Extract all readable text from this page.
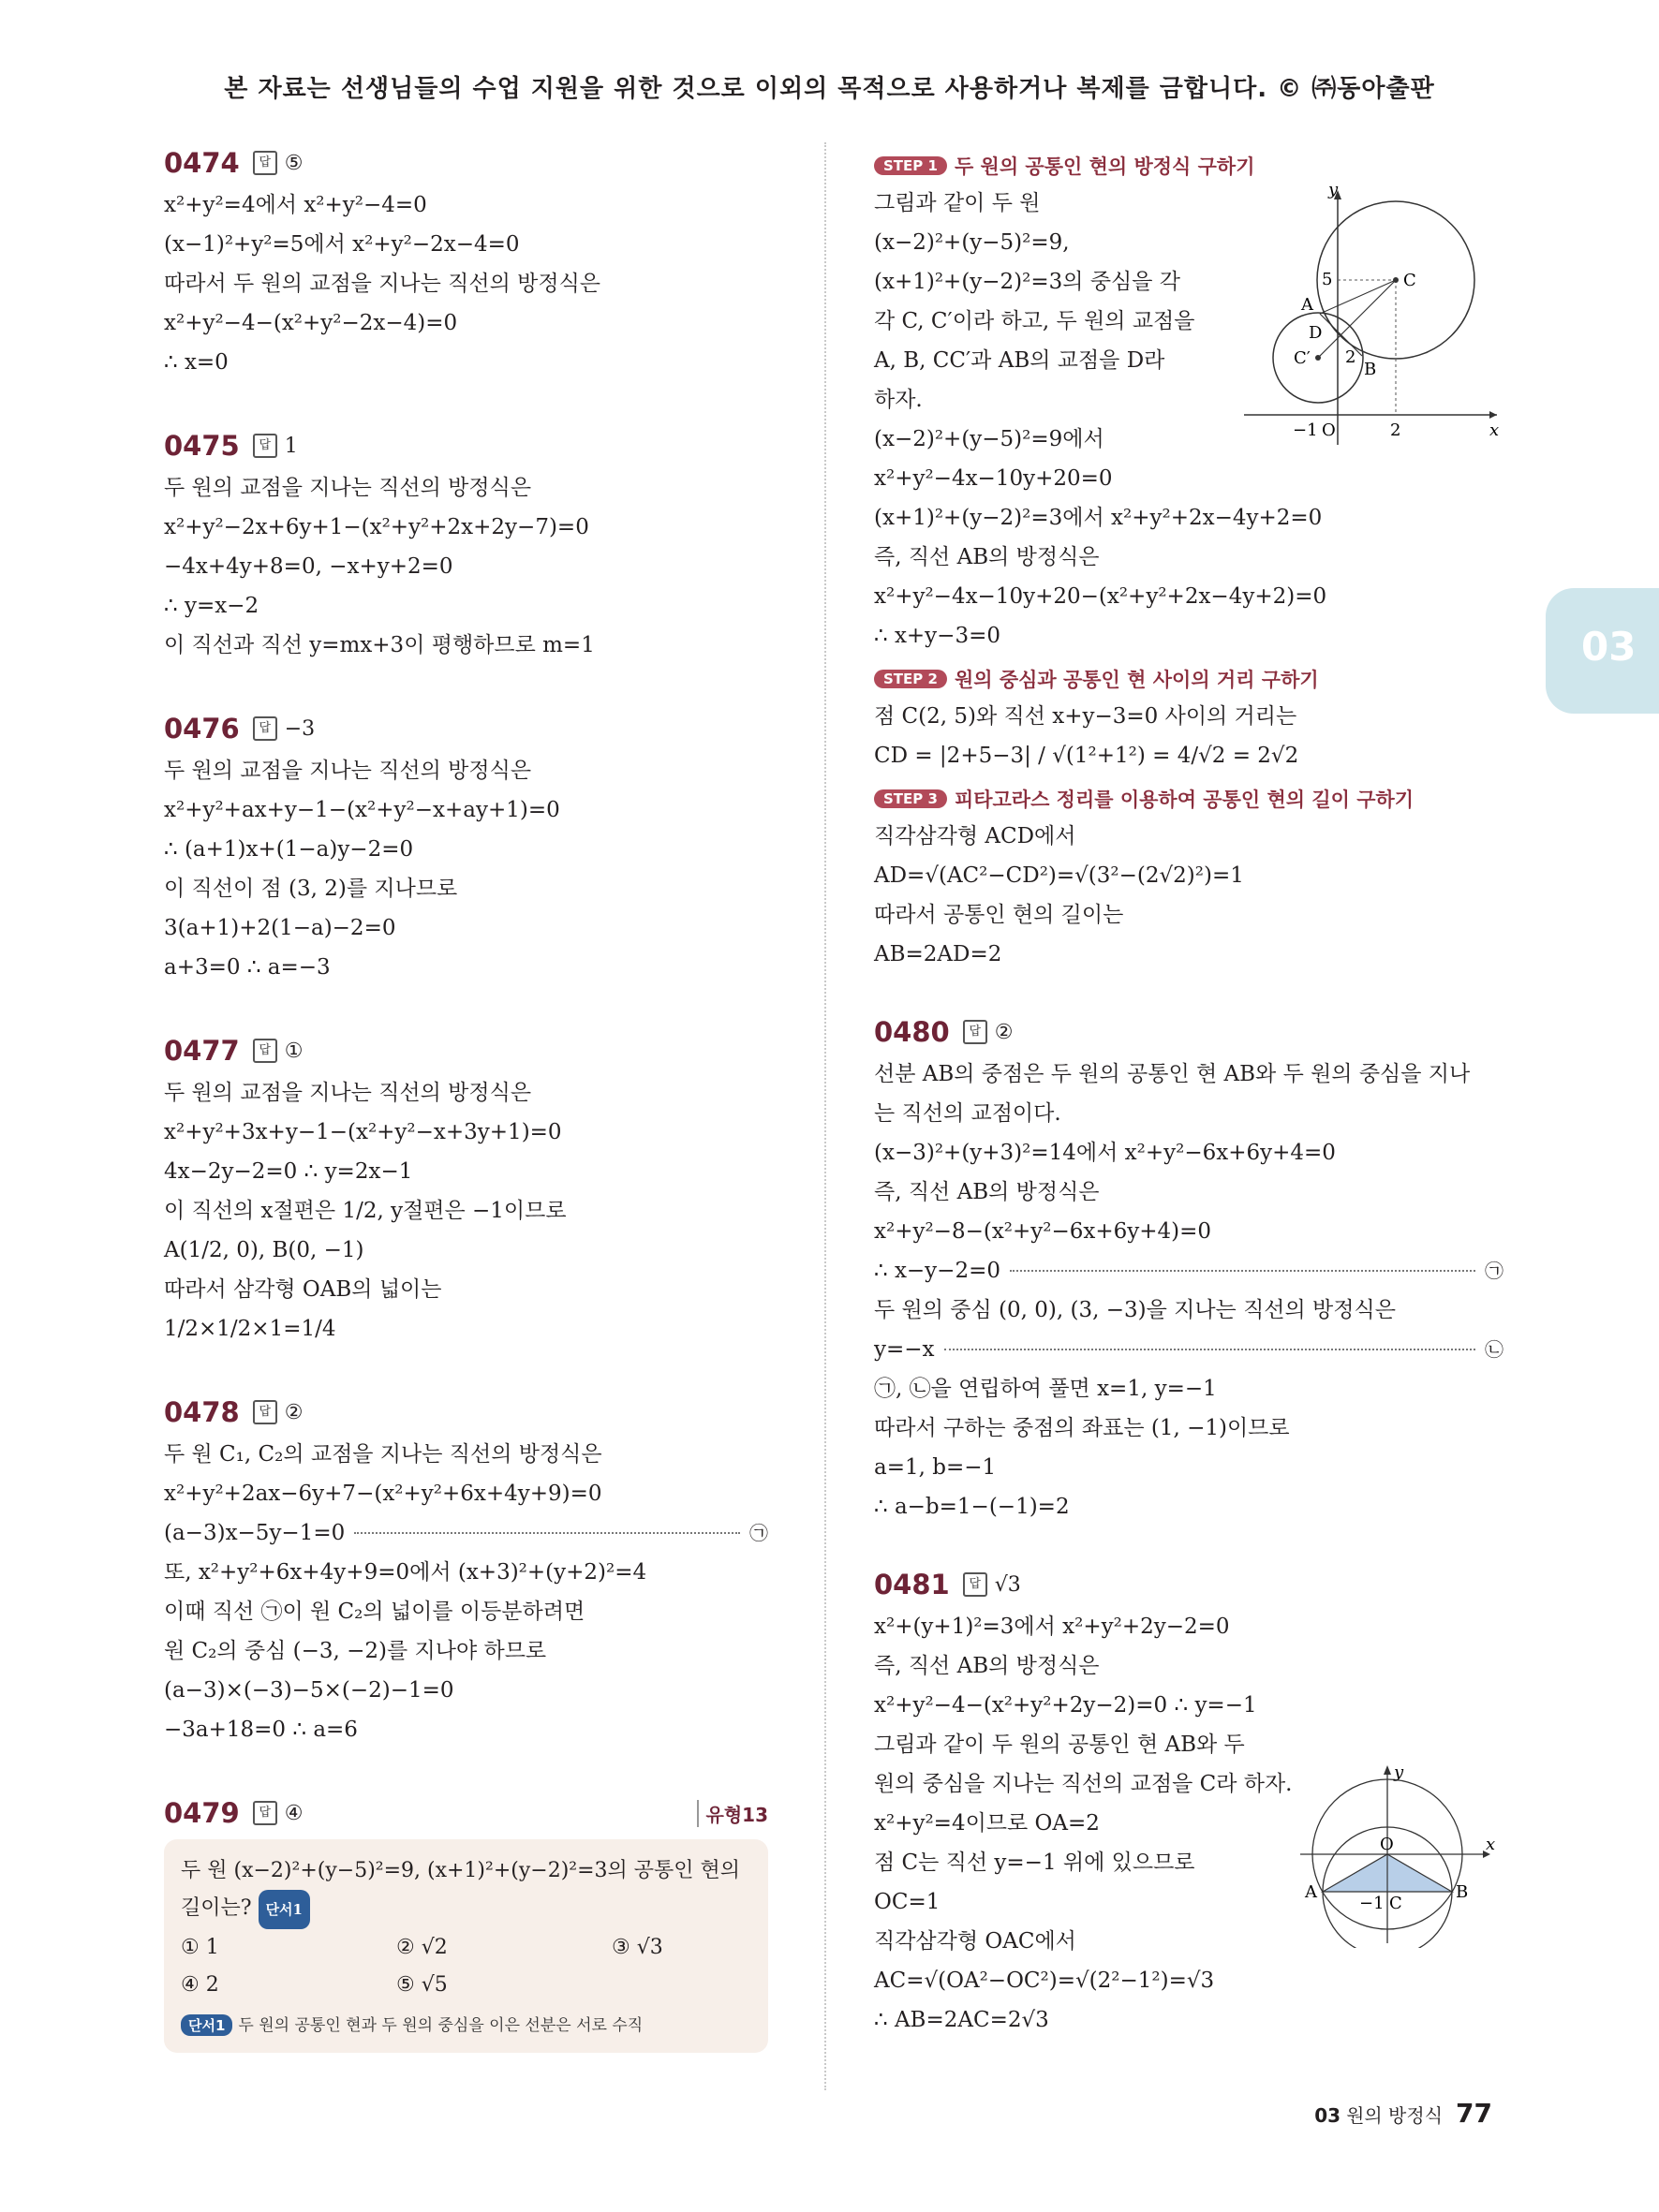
본 자료는 선생님들의 수업 지원을 위한 것으로 이외의 목적으로 사용하거나 복제를 금합니다. © ㈜동아출판
0474	답 ⑤
x²+y²=4에서 x²+y²−4=0
(x−1)²+y²=5에서 x²+y²−2x−4=0
따라서 두 원의 교점을 지나는 직선의 방정식은
x²+y²−4−(x²+y²−2x−4)=0
∴ x=0
0475	답 1
두 원의 교점을 지나는 직선의 방정식은
x²+y²−2x+6y+1−(x²+y²+2x+2y−7)=0
−4x+4y+8=0, −x+y+2=0
∴ y=x−2
이 직선과 직선 y=mx+3이 평행하므로 m=1
0476	답 −3
두 원의 교점을 지나는 직선의 방정식은
x²+y²+ax+y−1−(x²+y²−x+ay+1)=0
∴ (a+1)x+(1−a)y−2=0
이 직선이 점 (3, 2)를 지나므로
3(a+1)+2(1−a)−2=0
a+3=0 ∴ a=−3
0477	답 ①
두 원의 교점을 지나는 직선의 방정식은
x²+y²+3x+y−1−(x²+y²−x+3y+1)=0
4x−2y−2=0 ∴ y=2x−1
이 직선의 x절편은 1/2, y절편은 −1이므로
A(1/2, 0), B(0, −1)
따라서 삼각형 OAB의 넓이는
1/2×1/2×1=1/4
0478	답 ②
두 원 C₁, C₂의 교점을 지나는 직선의 방정식은
x²+y²+2ax−6y+7−(x²+y²+6x+4y+9)=0
(a−3)x−5y−1=0	㉠
또, x²+y²+6x+4y+9=0에서 (x+3)²+(y+2)²=4
이때 직선 ㉠이 원 C₂의 넓이를 이등분하려면
원 C₂의 중심 (−3, −2)를 지나야 하므로
(a−3)×(−3)−5×(−2)−1=0
−3a+18=0 ∴ a=6
0479	답 ④	유형13
두 원 (x−2)²+(y−5)²=9, (x+1)²+(y−2)²=3의 공통인 현의
길이는? 단서1
① 1	② √2	③ √3
④ 2	⑤ √5
단서1 두 원의 공통인 현과 두 원의 중심을 이은 선분은 서로 수직
STEP 1 두 원의 공통인 현의 방정식 구하기
그림과 같이 두 원
(x−2)²+(y−5)²=9,
(x+1)²+(y−2)²=3의 중심을 각
각 C, C′이라 하고, 두 원의 교점을
A, B, CC′과 AB의 교점을 D라
하자.
(x−2)²+(y−5)²=9에서
x²+y²−4x−10y+20=0
(x+1)²+(y−2)²=3에서 x²+y²+2x−4y+2=0
즉, 직선 AB의 방정식은
x²+y²−4x−10y+20−(x²+y²+2x−4y+2)=0
∴ x+y−3=0
STEP 2 원의 중심과 공통인 현 사이의 거리 구하기
점 C(2, 5)와 직선 x+y−3=0 사이의 거리는
CD = |2+5−3| / √(1²+1²) = 4/√2 = 2√2
STEP 3 피타고라스 정리를 이용하여 공통인 현의 길이 구하기
직각삼각형 ACD에서
AD=√(AC²−CD²)=√(3²−(2√2)²)=1
따라서 공통인 현의 길이는
AB=2AD=2
0480	답 ②
선분 AB의 중점은 두 원의 공통인 현 AB와 두 원의 중심을 지나
는 직선의 교점이다.
(x−3)²+(y+3)²=14에서 x²+y²−6x+6y+4=0
즉, 직선 AB의 방정식은
x²+y²−8−(x²+y²−6x+6y+4)=0
∴ x−y−2=0	㉠
두 원의 중심 (0, 0), (3, −3)을 지나는 직선의 방정식은
y=−x	㉡
㉠, ㉡을 연립하여 풀면 x=1, y=−1
따라서 구하는 중점의 좌표는 (1, −1)이므로
a=1, b=−1
∴ a−b=1−(−1)=2
0481	답 √3
x²+(y+1)²=3에서 x²+y²+2y−2=0
즉, 직선 AB의 방정식은
x²+y²−4−(x²+y²+2y−2)=0 ∴ y=−1
그림과 같이 두 원의 공통인 현 AB와 두
원의 중심을 지나는 직선의 교점을 C라 하자.
x²+y²=4이므로 OA=2
점 C는 직선 y=−1 위에 있으므로
OC=1
직각삼각형 OAC에서
AC=√(OA²−OC²)=√(2²−1²)=√3
∴ AB=2AC=2√3
y
x
5	C
A
D
C′ 2
B
−1 O	2
O
y
x
A	B
−1 C
03
03 원의 방정식 77
